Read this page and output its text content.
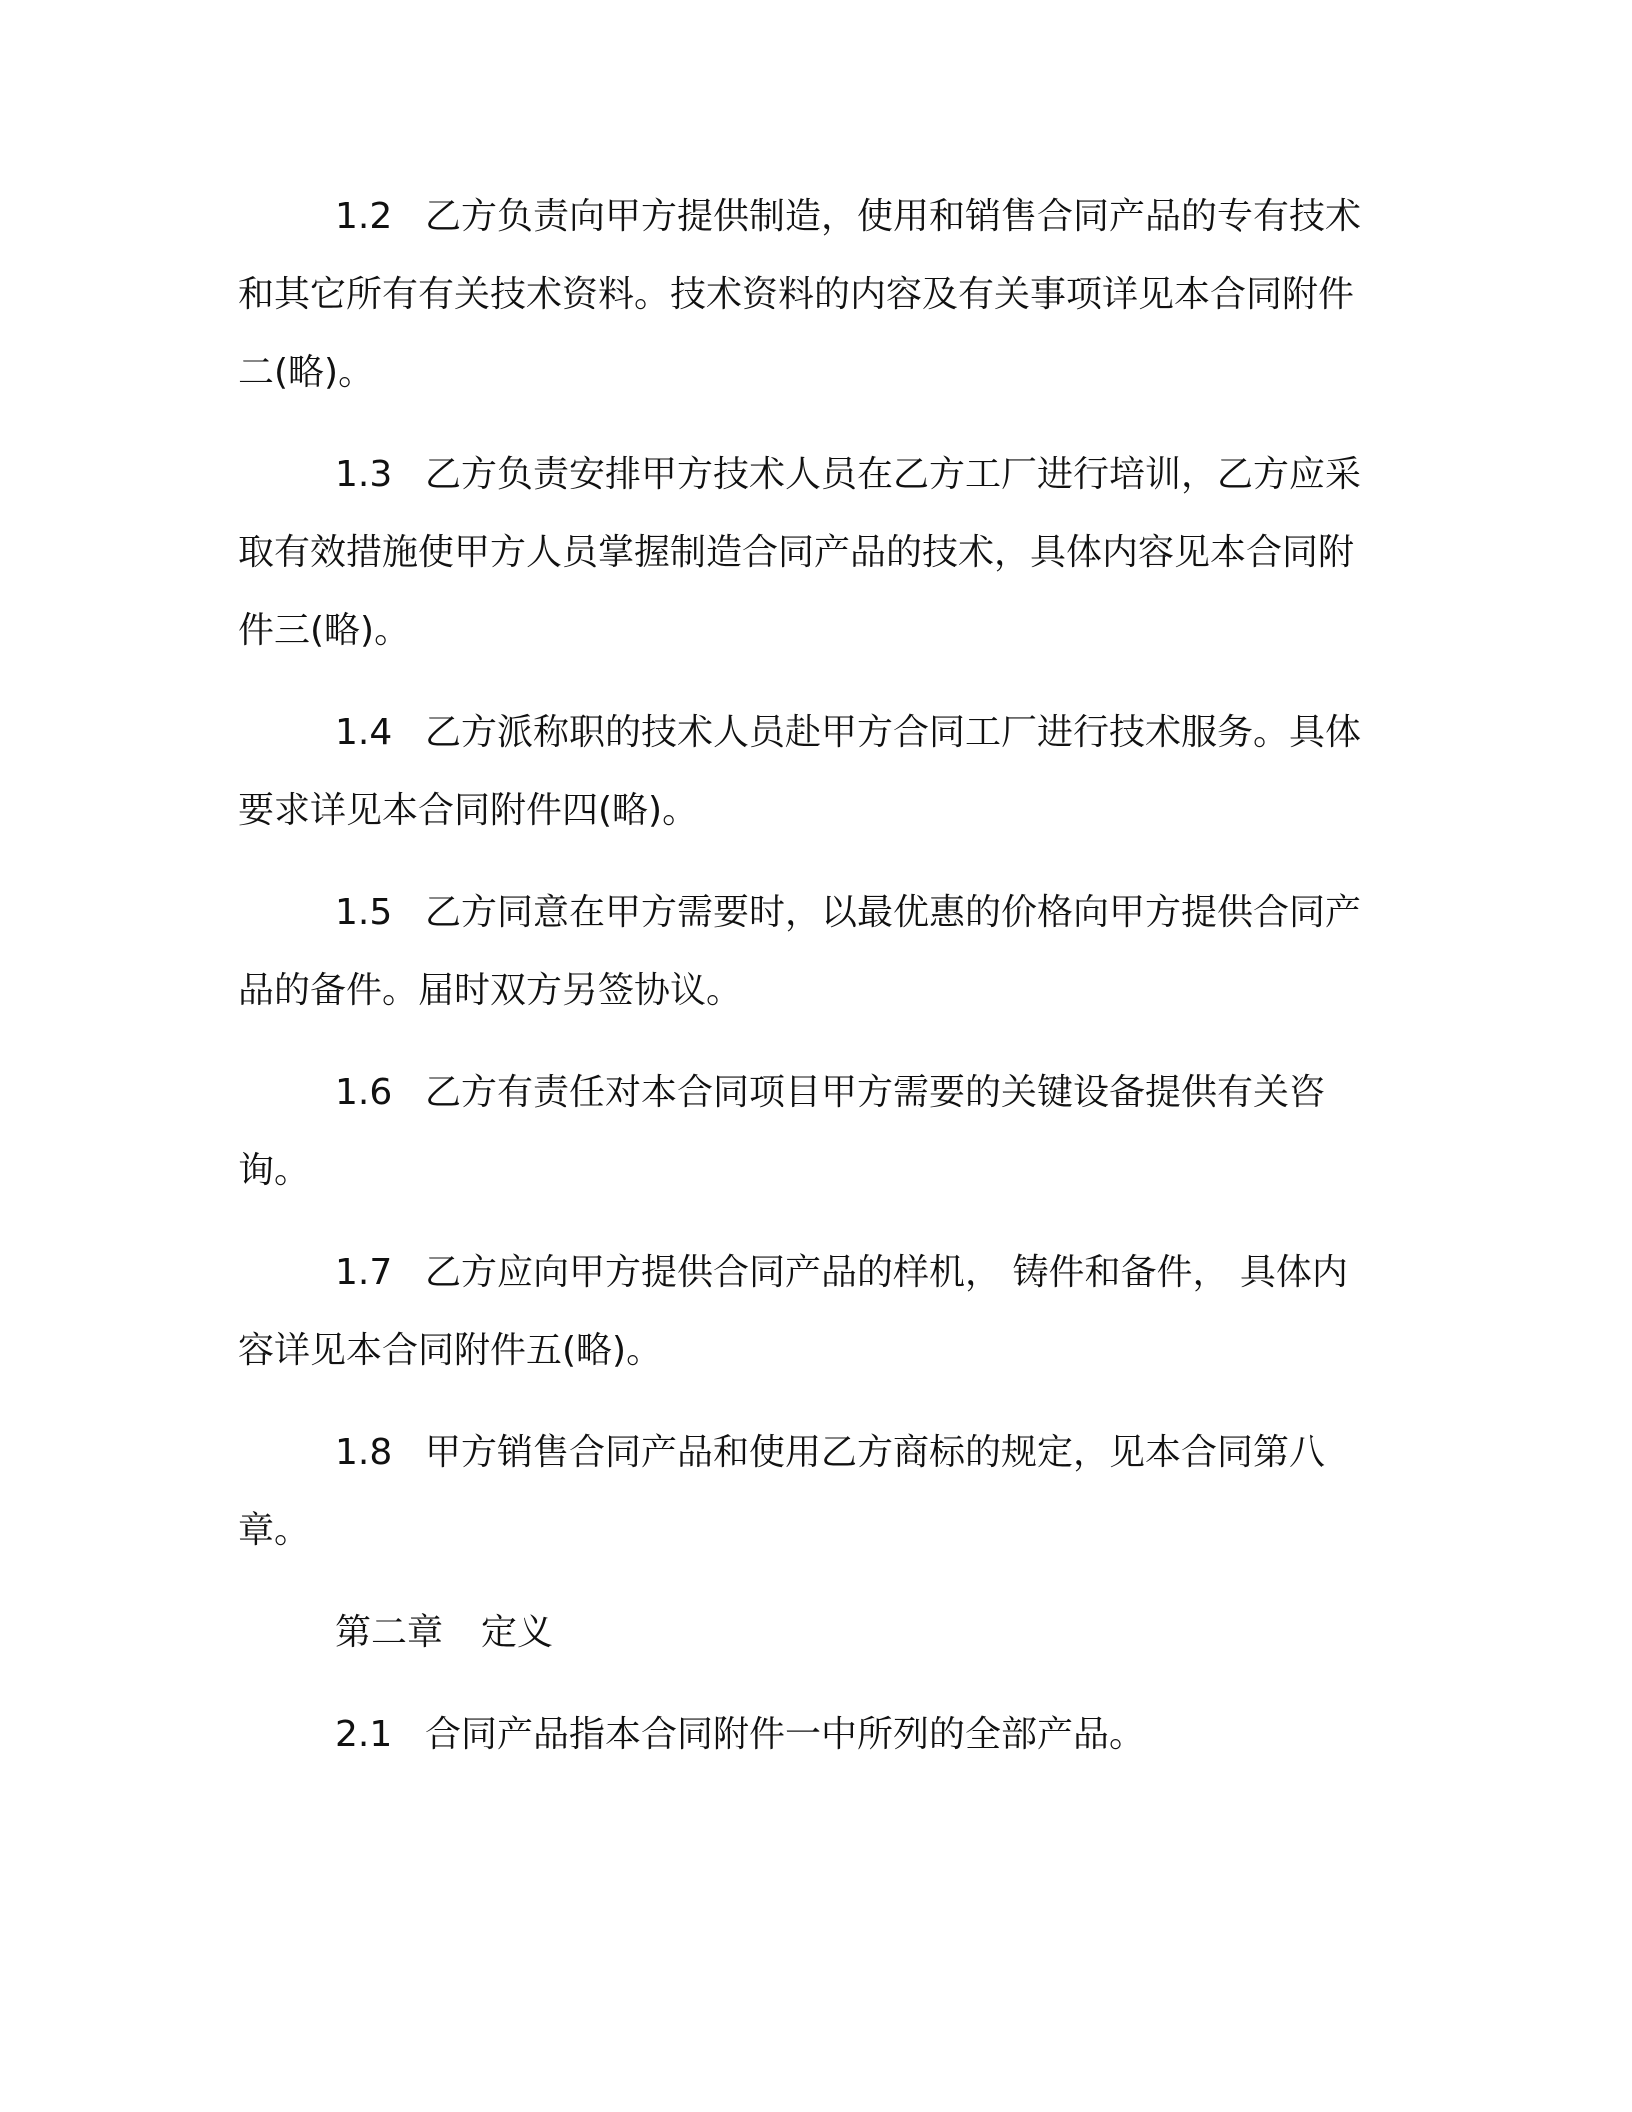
1.2 乙方负责向甲方提供制造，使用和销售合同产品的专有技术和其它所有有关技术资料。技术资料的内容及有关事项详见本合同附件二(略)。
1.3 乙方负责安排甲方技术人员在乙方工厂进行培训，乙方应采取有效措施使甲方人员掌握制造合同产品的技术，具体内容见本合同附件三(略)。
1.4 乙方派称职的技术人员赴甲方合同工厂进行技术服务。具体要求详见本合同附件四(略)。
1.5 乙方同意在甲方需要时，以最优惠的价格向甲方提供合同产品的备件。届时双方另签协议。
1.6 乙方有责任对本合同项目甲方需要的关键设备提供有关咨询。
1.7 乙方应向甲方提供合同产品的样机， 铸件和备件， 具体内容详见本合同附件五(略)。
1.8 甲方销售合同产品和使用乙方商标的规定，见本合同第八章。
第二章 定义
2.1 合同产品指本合同附件一中所列的全部产品。
